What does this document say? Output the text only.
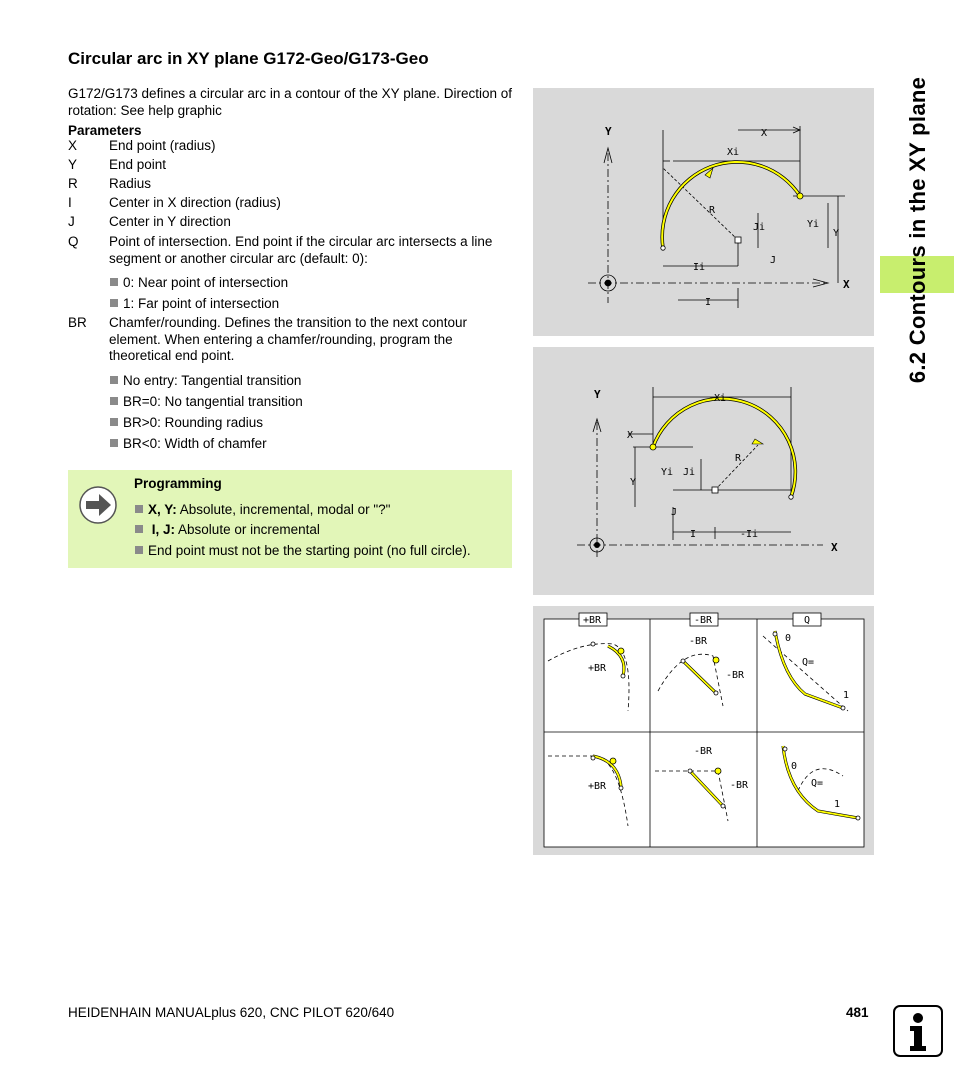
Circular arc in XY plane G172-Geo/G173-Geo
G172/G173 defines a circular arc in a contour of the XY plane. Direction of rotation: See help graphic
Parameters
X End point (radius)
Y End point
R Radius
I	Center in X direction (radius)
J	Center in Y direction
Q Point of intersection. End point if the circular arc intersects a line segment or another circular arc (default: 0):
0: Near point of intersection
1: Far point of intersection
BR Chamfer/rounding. Defines the transition to the next contour element. When entering a chamfer/rounding, program the theoretical end point.
No entry: Tangential transition
BR=0: No tangential transition
BR>0: Rounding radius
BR<0: Width of chamfer
Programming
X, Y: Absolute, incremental, modal or "?"
I, J: Absolute or incremental
End point must not be the starting point (no full circle).
Y
X
X
Xi
R
Ji	Yi
Y
Ii
J
I
Y
X
-Xi
X
R
Yi Ji
Y
J
I	-Ii
+BR	-BR	Q
+BR
+BR
-BR
-BR
-BR
-BR
0
Q=
1
0
Q=
1
6.2 Contours in the XY plane
HEIDENHAIN MANUALplus 620, CNC PILOT 620/640	481
